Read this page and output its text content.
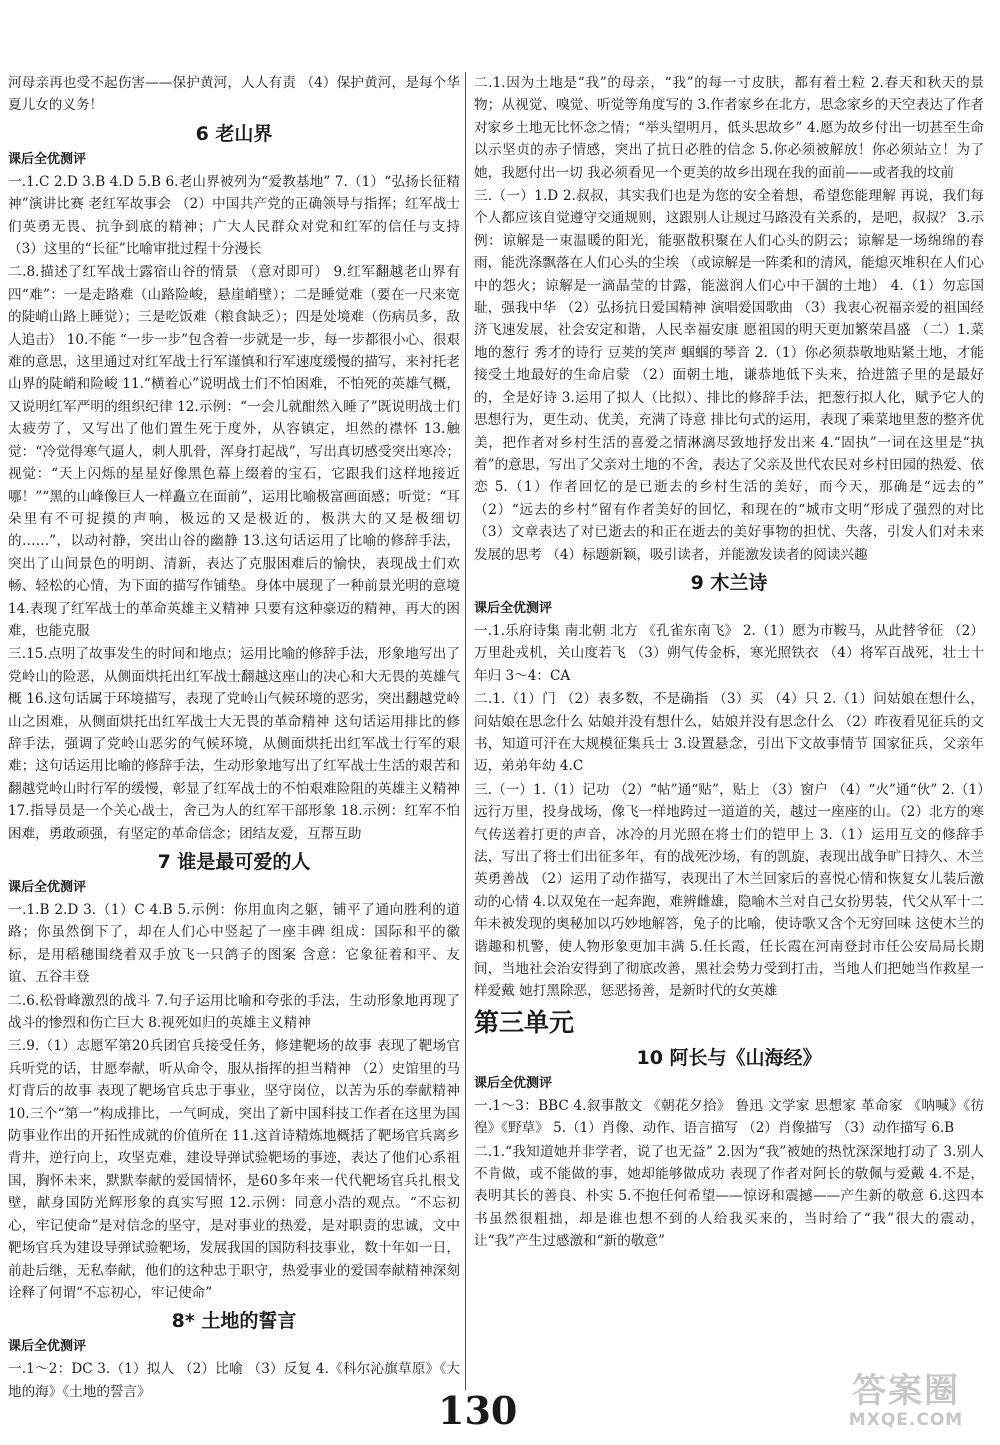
河母亲再也受不起伤害——保护黄河，人人有责 （4）保护黄河，是每个华夏儿女的义务！

6 老山界
课后全优测评

一.1.C 2.D 3.B 4.D 5.B 6.老山界被列为“爱教基地” 7.（1）“弘扬长征精神”演讲比赛 老红军故事会 （2）中国共产党的正确领导与指挥；红军战士们英勇无畏、抗争到底的精神；广大人民群众对党和红军的信任与支持 （3）这里的“长征”比喻审批过程十分漫长

二.8.描述了红军战士露宿山谷的情景 （意对即可） 9.红军翻越老山界有四“难”：一是走路难（山路险峻，悬崖峭壁）；二是睡觉难（要在一尺来宽的陡峭山路上睡觉）；三是吃饭难（粮食缺乏）；四是处境难（伤病员多，敌人追击） 10.不能 “一步一步”包含着一步就是一步，每一步都很小心、很艰难的意思，这里通过对红军战士行军谨慎和行军速度缓慢的描写，来衬托老山界的陡峭和险峻 11.“横着心”说明战士们不怕困难，不怕死的英雄气概，又说明红军严明的组织纪律 12.示例：“一会儿就酣然入睡了”既说明战士们太疲劳了，又写出了他们置生死于度外，从容镇定，坦然的襟怀 13.触觉：“冷觉得寒气逼人，刺人肌骨，浑身打起战”，写出真切感受突出寒冷；视觉：“天上闪烁的星星好像黑色幕上缀着的宝石，它跟我们这样地接近哪！”“黑的山峰像巨人一样矗立在面前”，运用比喻极富画面感；听觉：“耳朵里有不可捉摸的声响，极远的又是极近的，极洪大的又是极细切的……”，以动衬静，突出山谷的幽静 13.这句话运用了比喻的修辞手法，突出了山间景色的明朗、清新，表达了克服困难后的愉快，表现战士们欢畅、轻松的心情，为下面的描写作铺垫。身体中展现了一种前景光明的意境 14.表现了红军战士的革命英雄主义精神 只要有这种豪迈的精神，再大的困难，也能克服

三.15.点明了故事发生的时间和地点；运用比喻的修辞手法，形象地写出了党岭山的险恶，从侧面烘托出红军战士翻越这座山的决心和大无畏的英雄气概 16.这句话属于环境描写，表现了党岭山气候环境的恶劣，突出翻越党岭山之困难，从侧面烘托出红军战士大无畏的革命精神 这句话运用排比的修辞手法，强调了党岭山恶劣的气候环境，从侧面烘托出红军战士行军的艰难；这句话运用比喻的修辞手法，生动形象地写出了红军战士生活的艰苦和翻越党岭山时行军的缓慢，彰显了红军战士的不怕艰难险阻的英雄主义精神 17.指导员是一个关心战士，舍己为人的红军干部形象 18.示例：红军不怕困难，勇敢顽强，有坚定的革命信念；团结友爱，互帮互助

7 谁是最可爱的人
课后全优测评

一.1.B 2.D 3.（1）C 4.B 5.示例：你用血肉之躯，铺平了通向胜利的道路；你虽然倒下了，却在人们心中竖起了一座丰碑 组成：国际和平的徽标，是用稻穗围绕着双手放飞一只鸽子的图案 含意：它象征着和平、友谊、五谷丰登

二.6.松骨峰激烈的战斗 7.句子运用比喻和夸张的手法，生动形象地再现了战斗的惨烈和伤亡巨大 8.视死如归的英雄主义精神

三.9.（1）志愿军第20兵团官兵接受任务，修建靶场的故事 表现了靶场官兵听党的话，甘愿奉献，听从命令，服从指挥的担当精神 （2）史馆里的马灯背后的故事 表现了靶场官兵忠于事业，坚守岗位，以苦为乐的奉献精神 10.三个“第一”构成排比，一气呵成，突出了新中国科技工作者在这里为国防事业作出的开拓性成就的价值所在 11.这首诗精炼地概括了靶场官兵离乡背井，逆行向上，攻坚克难，建设导弹试验靶场的事迹，表达了他们心系祖国，胸怀未来，默默奉献的爱国情怀，是60多年来一代代靶场官兵扎根戈壁，献身国防光辉形象的真实写照 12.示例：同意小浩的观点。“不忘初心，牢记使命”是对信念的坚守，是对事业的热爱，是对职责的忠诚，文中靶场官兵为建设导弹试验靶场，发展我国的国防科技事业，数十年如一日，前赴后继，无私奉献，他们的这种忠于职守，热爱事业的爱国奉献精神深刻诠释了何谓“不忘初心，牢记使命”

8* 土地的誓言
课后全优测评

一.1～2：DC 3.（1）拟人 （2）比喻 （3）反复 4.《科尔沁旗草原》《大地的海》《土地的誓言》

二.1.因为土地是“我”的母亲，“我”的每一寸皮肤，都有着土粒 2.春天和秋天的景物；从视觉、嗅觉、听觉等角度写的 3.作者家乡在北方，思念家乡的天空表达了作者对家乡土地无比怀念之情；“举头望明月，低头思故乡” 4.愿为故乡付出一切甚至生命以示坚贞的赤子情感，突出了抗日必胜的信念 5.你必须被解放！你必须站立！为了她，我愿付出一切 我必须看见一个更美的故乡出现在我的面前——或者我的坟前

三.（一）1.D 2.叔叔，其实我们也是为您的安全着想，希望您能理解 再说，我们每个人都应该自觉遵守交通规则，这跟别人让规过马路没有关系的，是吧，叔叔？ 3.示例：谅解是一束温暖的阳光，能驱散积聚在人们心头的阴云；谅解是一场绵绵的春雨，能洗涤飘落在人们心头的尘埃 （或谅解是一阵柔和的清风，能熄灭堆积在人们心中的怨火；谅解是一滴晶莹的甘露，能滋润人们心中干涸的土地） 4.（1）勿忘国耻，强我中华 （2）弘扬抗日爱国精神 演唱爱国歌曲 （3）我衷心祝福亲爱的祖国经济飞速发展，社会安定和谐，人民幸福安康 愿祖国的明天更加繁荣昌盛 （二）1.菜地的葱行 秀才的诗行 豆荚的笑声 蝈蝈的琴音 2.（1）你必须恭敬地贴紧土地，才能接受土地最好的生命启蒙 （2）面朝土地，谦恭地低下头来，拾进篮子里的是最好的，全是好诗 3.运用了拟人（比拟）、排比的修辞手法，把葱行拟人化，赋予它人的思想行为，更生动、优美，充满了诗意 排比句式的运用，表现了乘菜地里葱的整齐优美，把作者对乡村生活的喜爱之情淋漓尽致地抒发出来 4.“固执”一词在这里是“执着”的意思，写出了父亲对土地的不舍，表达了父亲及世代农民对乡村田园的热爱、依恋 5.（1）作者回忆的是已逝去的乡村生活的美好，而今天，那确是“远去的” （2）“远去的乡村”留有作者美好的回忆，和现在的“城市文明”形成了强烈的对比 （3）文章表达了对已逝去的和正在逝去的美好事物的担忧、失落，引发人们对未来发展的思考 （4）标题新颖，吸引读者，并能激发读者的阅读兴趣

9 木兰诗
课后全优测评

一.1.乐府诗集 南北朝 北方 《孔雀东南飞》 2.（1）愿为市鞍马，从此替爷征 （2）万里赴戎机，关山度若飞 （3）朔气传金柝，寒光照铁衣 （4）将军百战死，壮士十年归 3～4：CA

二.1.（1）门 （2）表多数，不是确指 （3）买 （4）只 2.（1）问姑娘在想什么，问姑娘在思念什么 姑娘并没有想什么，姑娘并没有思念什么 （2）昨夜看见征兵的文书，知道可汗在大规模征集兵士 3.设置悬念，引出下文故事情节 国家征兵，父亲年迈，弟弟年幼 4.C

三.（一）1.（1）记功 （2）“帖”通“贴”，贴上 （3）窗户 （4）“火”通“伙” 2.（1）远行万里，投身战场，像飞一样地跨过一道道的关，越过一座座的山。（2）北方的寒气传送着打更的声音，冰冷的月光照在将士们的铠甲上 3.（1）运用互文的修辞手法，写出了将士们出征多年，有的战死沙场，有的凯旋，表现出战争旷日持久、木兰英勇善战 （2）运用了动作描写，表现出了木兰回家后的喜悦心情和恢复女儿装后激动的心情 4.以双兔在一起奔跑，难辨雌雄，隐喻木兰对自己女扮男装，代父从军十二年未被发现的奥秘加以巧妙地解答，兔子的比喻，使诗歌又含个无穷回味 这使木兰的谐趣和机警，使人物形象更加丰满 5.任长霞，任长霞在河南登封市任公安局局长期间，当地社会治安得到了彻底改善，黑社会势力受到打击，当地人们把她当作救星一样爱戴 她打黑除恶，惩恶扬善，是新时代的女英雄

第三单元
10 阿长与《山海经》
课后全优测评

一.1～3：BBC 4.叙事散文 《朝花夕拾》 鲁迅 文学家 思想家 革命家 《呐喊》《彷徨》《野草》 5.（1）肖像、动作、语言描写 （2）肖像描写 （3）动作描写 6.B

二.1.“我知道她并非学者，说了也无益” 2.因为“我”被她的热忱深深地打动了 3.别人不肯做，或不能做的事，她却能够做成功 表现了作者对阿长的敬佩与爱戴 4.不是，表明其长的善良、朴实 5.不抱任何希望——惊讶和震撼——产生新的敬意 6.这四本书虽然很粗拙，却是谁也想不到的人给我买来的，当时给了“我”很大的震动，让“我”产生过感激和“新的敬意”

130	答案圈
MXQE.COM
